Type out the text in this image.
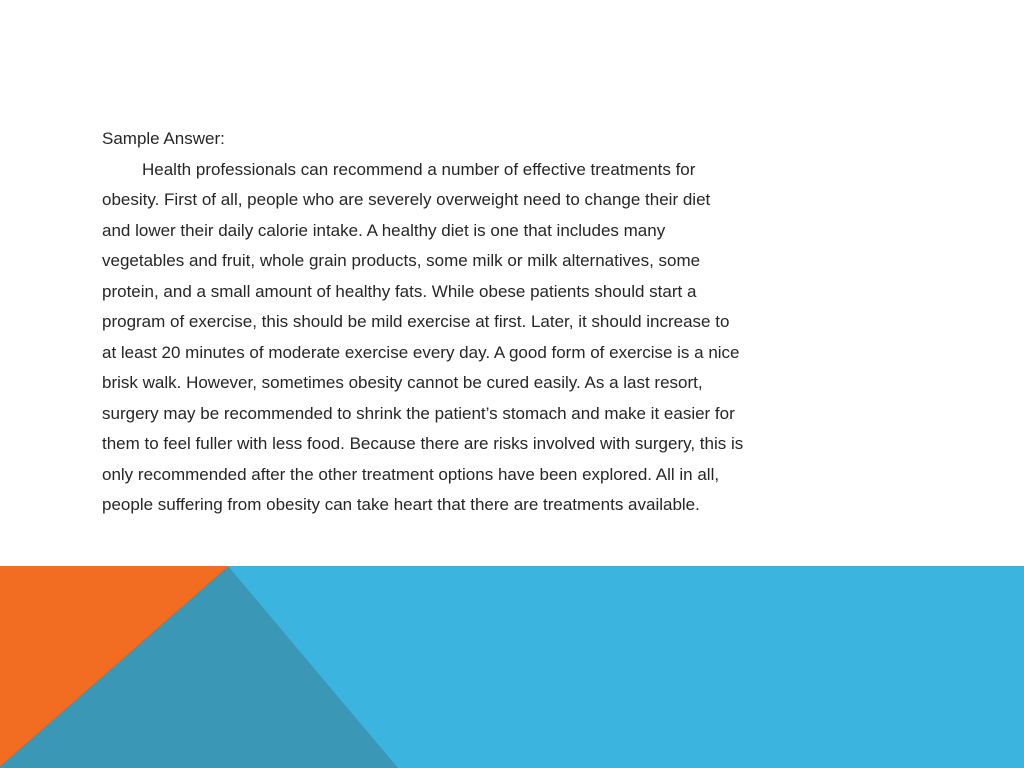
Sample Answer:
Health professionals can recommend a number of effective treatments for
obesity. First of all, people who are severely overweight need to change their diet
and lower their daily calorie intake. A healthy diet is one that includes many
vegetables and fruit, whole grain products, some milk or milk alternatives, some
protein, and a small amount of healthy fats. While obese patients should start a
program of exercise, this should be mild exercise at first. Later, it should increase to
at least 20 minutes of moderate exercise every day. A good form of exercise is a nice
brisk walk. However, sometimes obesity cannot be cured easily. As a last resort,
surgery may be recommended to shrink the patient’s stomach and make it easier for
them to feel fuller with less food. Because there are risks involved with surgery, this is
only recommended after the other treatment options have been explored. All in all,
people suffering from obesity can take heart that there are treatments available.
